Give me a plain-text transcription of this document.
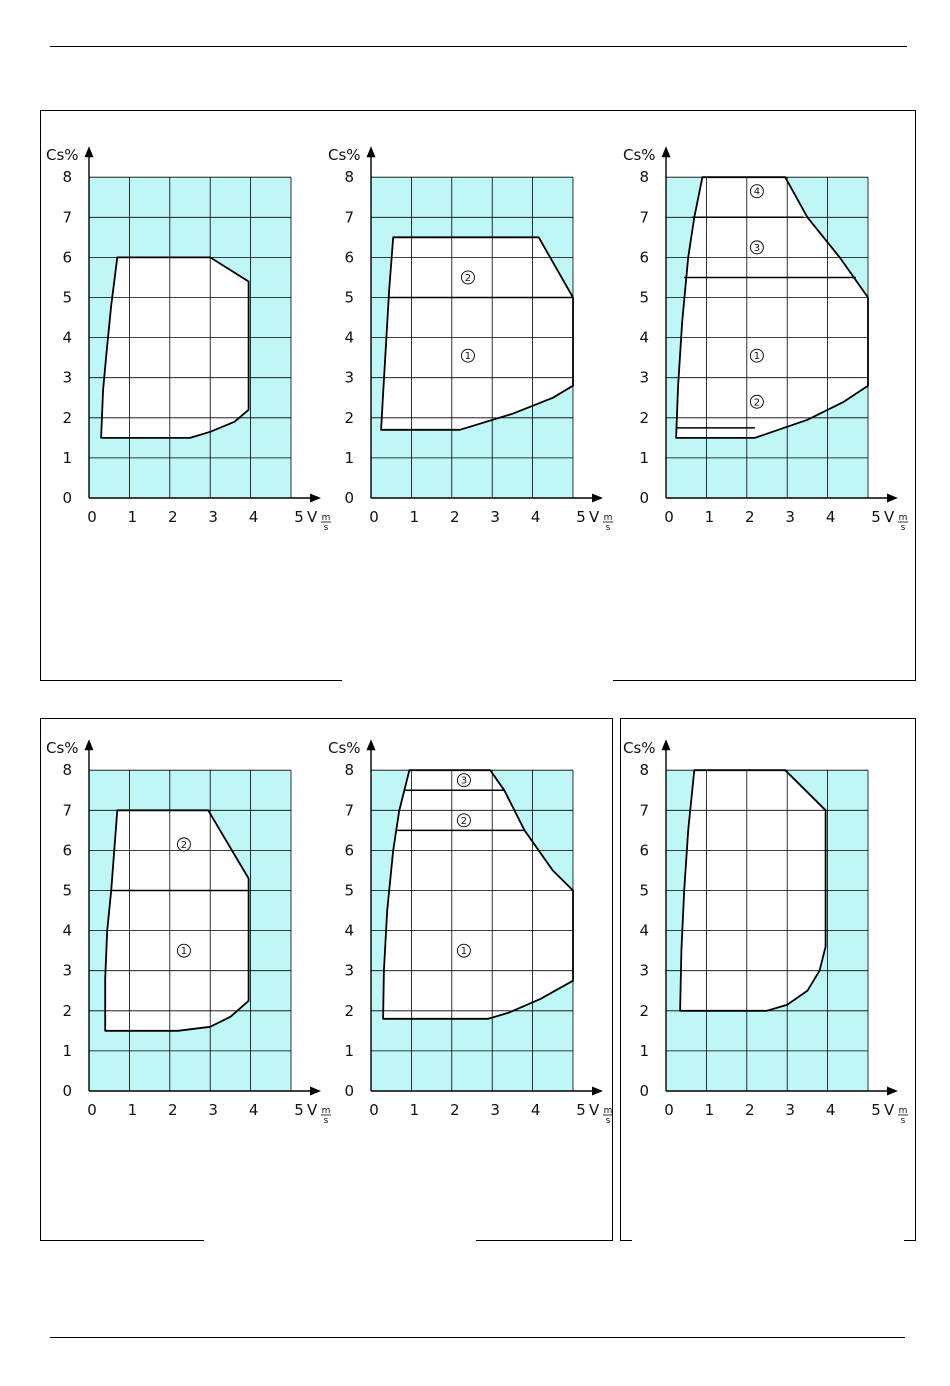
0
1
2
3
4
5
6
7
8
0 1 2 3 4 5
Cs%
V m
s
2
1
0
1
2
3
4
5
6
7
8
0 1 2 3 4 5
Cs%
V m
s
4
3
1
2
0
1
2
3
4
5
6
7
8
0 1 2 3 4 5
Cs%
V m
s
2
1
0
1
2
3
4
5
6
7
8
0 1 2 3 4 5
Cs%
V m
s
3
2
1
0
1
2
3
4
5
6
7
8
0 1 2 3 4 5
Cs%
V m
s
0
1
2
3
4
5
6
7
8
0 1 2 3 4 5
Cs%
V m
s
